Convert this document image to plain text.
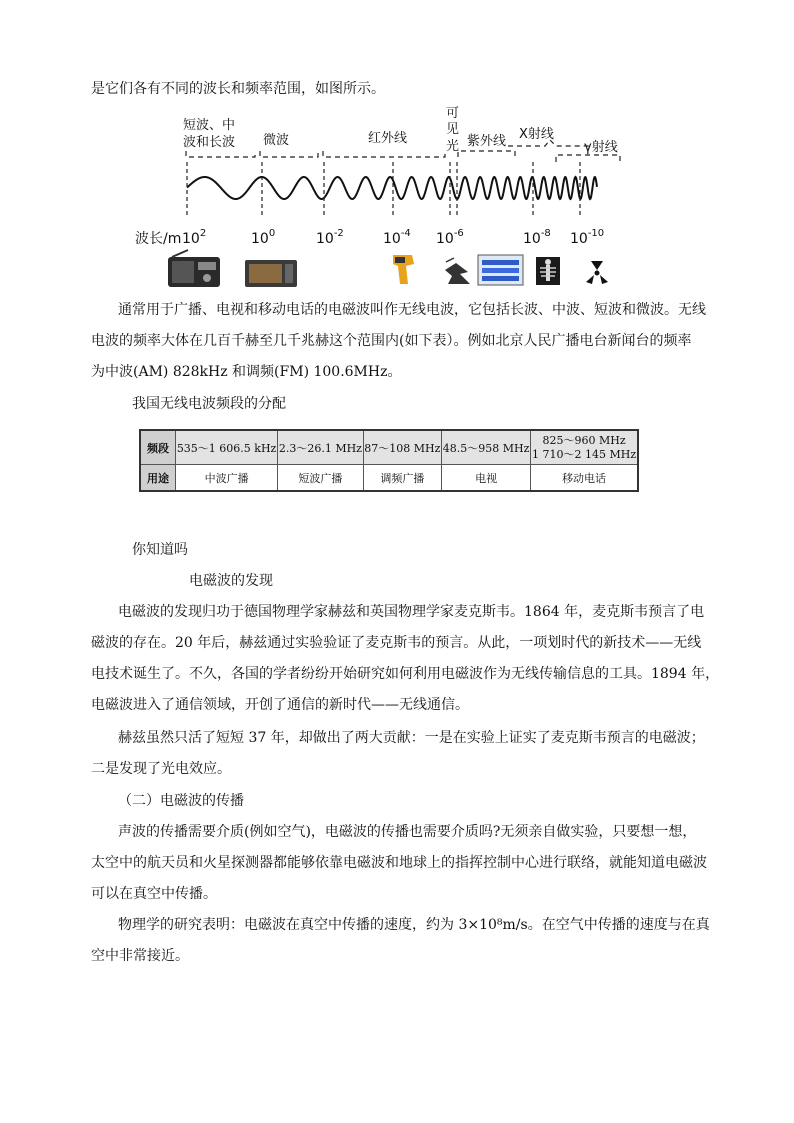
是它们各有不同的波长和频率范围，如图所示。
短波、中
波和长波 微波	红外线
可
见
光 紫外线 X射线
γ射线
波长/m $10^2$	$10^0$	$10^{-2}$	$10^{-4}$ $10^{-6}$	$10^{-8}$ $10^{-10}$
通常用于广播、电视和移动电话的电磁波叫作无线电波，它包括长波、中波、短波和微波。无线
电波的频率大体在几百千赫至几千兆赫这个范围内(如下表）。例如北京人民广播电台新闻台的频率
为中波(AM) 828kHz 和调频(FM) 100.6MHz。
我国无线电波频段的分配
频段	535～1 606.5 kHz	2.3～26.1 MHz	87～108 MHz	48.5～958 MHz	825～960 MHz
1 710～2 145 MHz

用途	中波广播	短波广播	调频广播	电视	移动电话
你知道吗
电磁波的发现
电磁波的发现归功于德国物理学家赫兹和英国物理学家麦克斯韦。1864 年，麦克斯韦预言了电
磁波的存在。20 年后，赫兹通过实验验证了麦克斯韦的预言。从此，一项划时代的新技术——无线
电技术诞生了。不久，各国的学者纷纷开始研究如何利用电磁波作为无线传输信息的工具。1894 年，
电磁波进入了通信领域，开创了通信的新时代——无线通信。
赫兹虽然只活了短短 37 年，却做出了两大贡献：一是在实验上证实了麦克斯韦预言的电磁波；
二是发现了光电效应。
（二）电磁波的传播
声波的传播需要介质(例如空气)，电磁波的传播也需要介质吗?无须亲自做实验，只要想一想，
太空中的航天员和火星探测器都能够依靠电磁波和地球上的指挥控制中心进行联络，就能知道电磁波
可以在真空中传播。
物理学的研究表明：电磁波在真空中传播的速度，约为 3×10⁸m/s。在空气中传播的速度与在真
空中非常接近。
